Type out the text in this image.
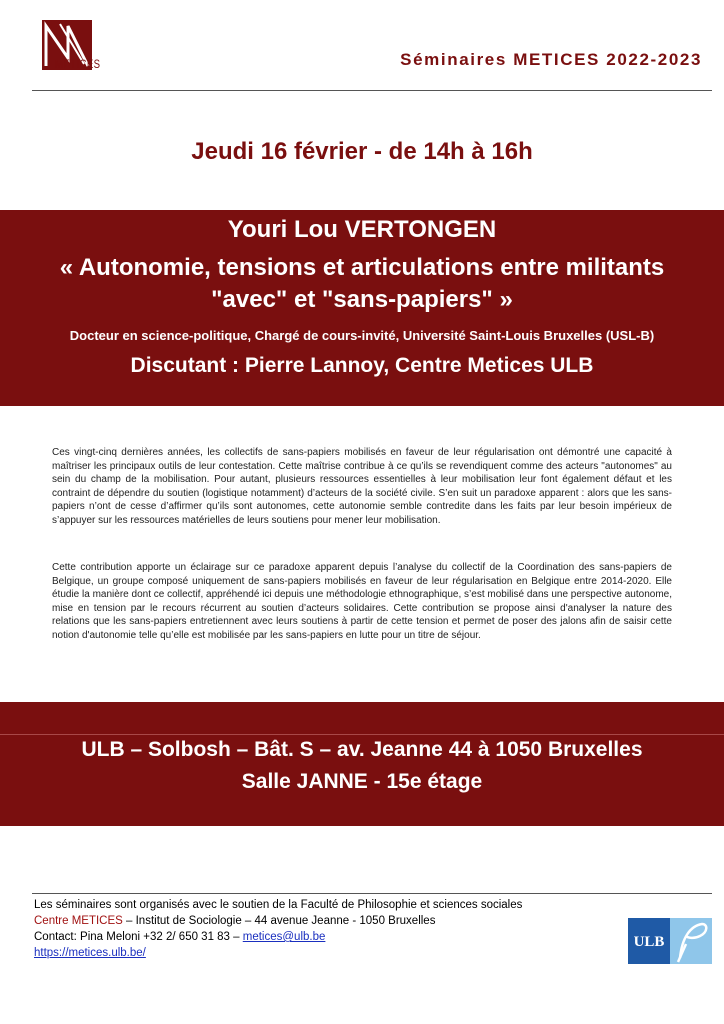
METICES	Séminaires METICES 2022-2023
Jeudi 16 février - de 14h à 16h
Youri Lou VERTONGEN
« Autonomie, tensions et articulations entre militants
"avec" et "sans-papiers" »
Docteur en science-politique, Chargé de cours-invité, Université Saint-Louis Bruxelles (USL-B)
Discutant : Pierre Lannoy, Centre Metices ULB
Ces vingt-cinq dernières années, les collectifs de sans-papiers mobilisés en faveur de leur régularisation ont démontré une capacité à maîtriser les principaux outils de leur contestation. Cette maîtrise contribue à ce qu’ils se revendiquent comme des acteurs "autonomes" au sein du champ de la mobilisation. Pour autant, plusieurs ressources essentielles à leur mobilisation leur font également défaut et les contraint de dépendre du soutien (logistique notamment) d’acteurs de la société civile. S’en suit un paradoxe apparent : alors que les sans-papiers n’ont de cesse d’affirmer qu’ils sont autonomes, cette autonomie semble contredite dans les faits par leur besoin impérieux de s’appuyer sur les ressources matérielles de leurs soutiens pour mener leur mobilisation.
Cette contribution apporte un éclairage sur ce paradoxe apparent depuis l’analyse du collectif de la Coordination des sans-papiers de Belgique, un groupe composé uniquement de sans-papiers mobilisés en faveur de leur régularisation en Belgique entre 2014-2020. Elle étudie la manière dont ce collectif, appréhendé ici depuis une méthodologie ethnographique, s’est mobilisé dans une perspective autonome, mise en tension par le recours récurrent au soutien d’acteurs solidaires. Cette contribution se propose ainsi d'analyser la nature des relations que les sans-papiers entretiennent avec leurs soutiens à partir de cette tension et permet de poser des jalons afin de saisir cette notion d'autonomie telle qu’elle est mobilisée par les sans-papiers en lutte pour un titre de séjour.
ULB – Solbosh – Bât. S – av. Jeanne 44 à 1050 Bruxelles
Salle JANNE - 15e étage
Les séminaires sont organisés avec le soutien de la Faculté de Philosophie et sciences sociales
Centre METICES – Institut de Sociologie – 44 avenue Jeanne - 1050 Bruxelles
Contact: Pina Meloni +32 2/ 650 31 83 – metices@ulb.be
https://metices.ulb.be/
ULB
